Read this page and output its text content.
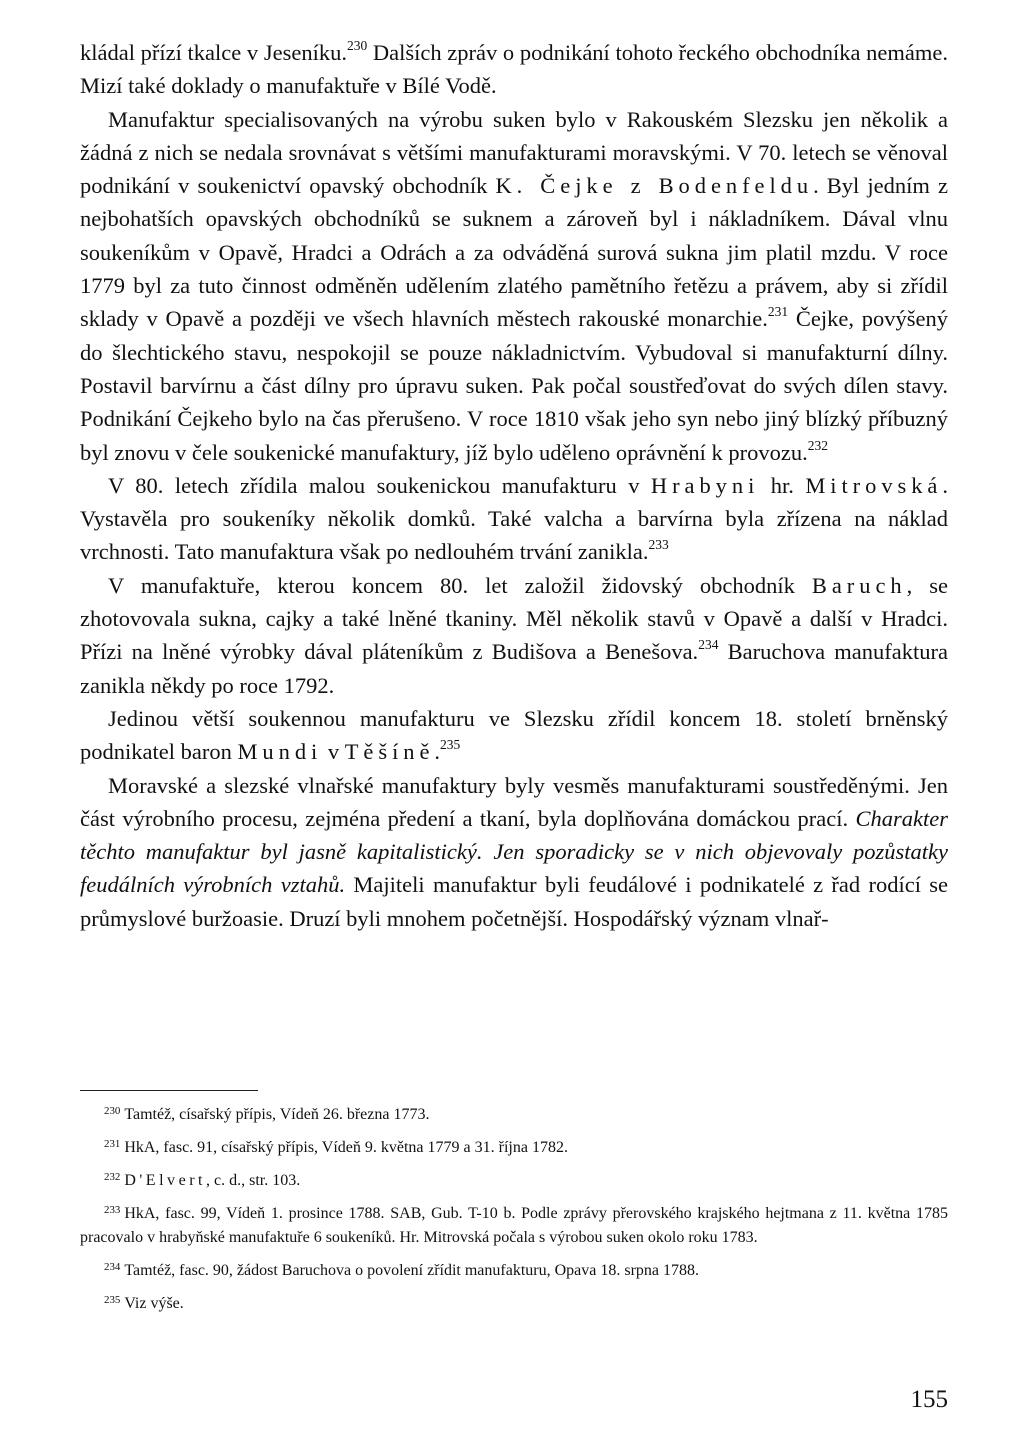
kládal přízí tkalce v Jeseníku.$^{230}$ Dalších zpráv o podnikání tohoto řeckého obchodníka nemáme. Mizí také doklady o manufaktuře v Bílé Vodě.

Manufaktur specialisovaných na výrobu suken bylo v Rakouském Slezsku jen několik a žádná z nich se nedala srovnávat s většími manufakturami moravskými. V 70. letech se věnoval podnikání v soukenictví opavský obchodník K. Čejke z Bodenfeldu. Byl jedním z nejbohatších opavských obchodníků se suknem a zároveň byl i nákladníkem. Dával vlnu soukeníkům v Opavě, Hradci a Odrách a za odváděná surová sukna jim platil mzdu. V roce 1779 byl za tuto činnost odměněn udělením zlatého pamětního řetězu a právem, aby si zřídil sklady v Opavě a později ve všech hlavních městech rakouské monarchie.$^{231}$ Čejke, povýšený do šlechtického stavu, nespokojil se pouze nákladnictvím. Vybudoval si manufakturní dílny. Postavil barvírnu a část dílny pro úpravu suken. Pak počal soustřeďovat do svých dílen stavy. Podnikání Čejkeho bylo na čas přerušeno. V roce 1810 však jeho syn nebo jiný blízký příbuzný byl znovu v čele soukenické manufaktury, jíž bylo uděleno oprávnění k provozu.$^{232}$

V 80. letech zřídila malou soukenickou manufakturu v Hrabyni hr. Mitrovská. Vystavěla pro soukeníky několik domků. Také valcha a barvírna byla zřízena na náklad vrchnosti. Tato manufaktura však po nedlouhém trvání zanikla.$^{233}$

V manufaktuře, kterou koncem 80. let založil židovský obchodník Baruch, se zhotovovala sukna, cajky a také lněné tkaniny. Měl několik stavů v Opavě a další v Hradci. Přízi na lněné výrobky dával pláteníkům z Budišova a Benešova.$^{234}$ Baruchova manufaktura zanikla někdy po roce 1792.

Jedinou větší soukennou manufakturu ve Slezsku zřídil koncem 18. století brněnský podnikatel baron Mundi v Těšíně.$^{235}$

Moravské a slezské vlnařské manufaktury byly vesměs manufakturami soustředěnými. Jen část výrobního procesu, zejména předení a tkaní, byla doplňována domáckou prací. Charakter těchto manufaktur byl jasně kapitalistický. Jen sporadicky se v nich objevovaly pozůstatky feudálních výrobních vztahů. Majiteli manufaktur byli feudálové i podnikatelé z řad rodící se průmyslové buržoasie. Druzí byli mnohem početnější. Hospodářský význam vlnař-

$^{230}$ Tamtéž, císařský přípis, Vídeň 26. března 1773.

$^{231}$ HkA, fasc. 91, císařský přípis, Vídeň 9. května 1779 a 31. října 1782.

$^{232}$ D'Elvert, c. d., str. 103.

$^{233}$ HkA, fasc. 99, Vídeň 1. prosince 1788. SAB, Gub. T-10 b. Podle zprávy přerovského krajského hejtmana z 11. května 1785 pracovalo v hrabyňské manufaktuře 6 soukeníků. Hr. Mitrovská počala s výrobou suken okolo roku 1783.

$^{234}$ Tamtéž, fasc. 90, žádost Baruchova o povolení zřídit manufakturu, Opava 18. srpna 1788.

$^{235}$ Viz výše.

155
